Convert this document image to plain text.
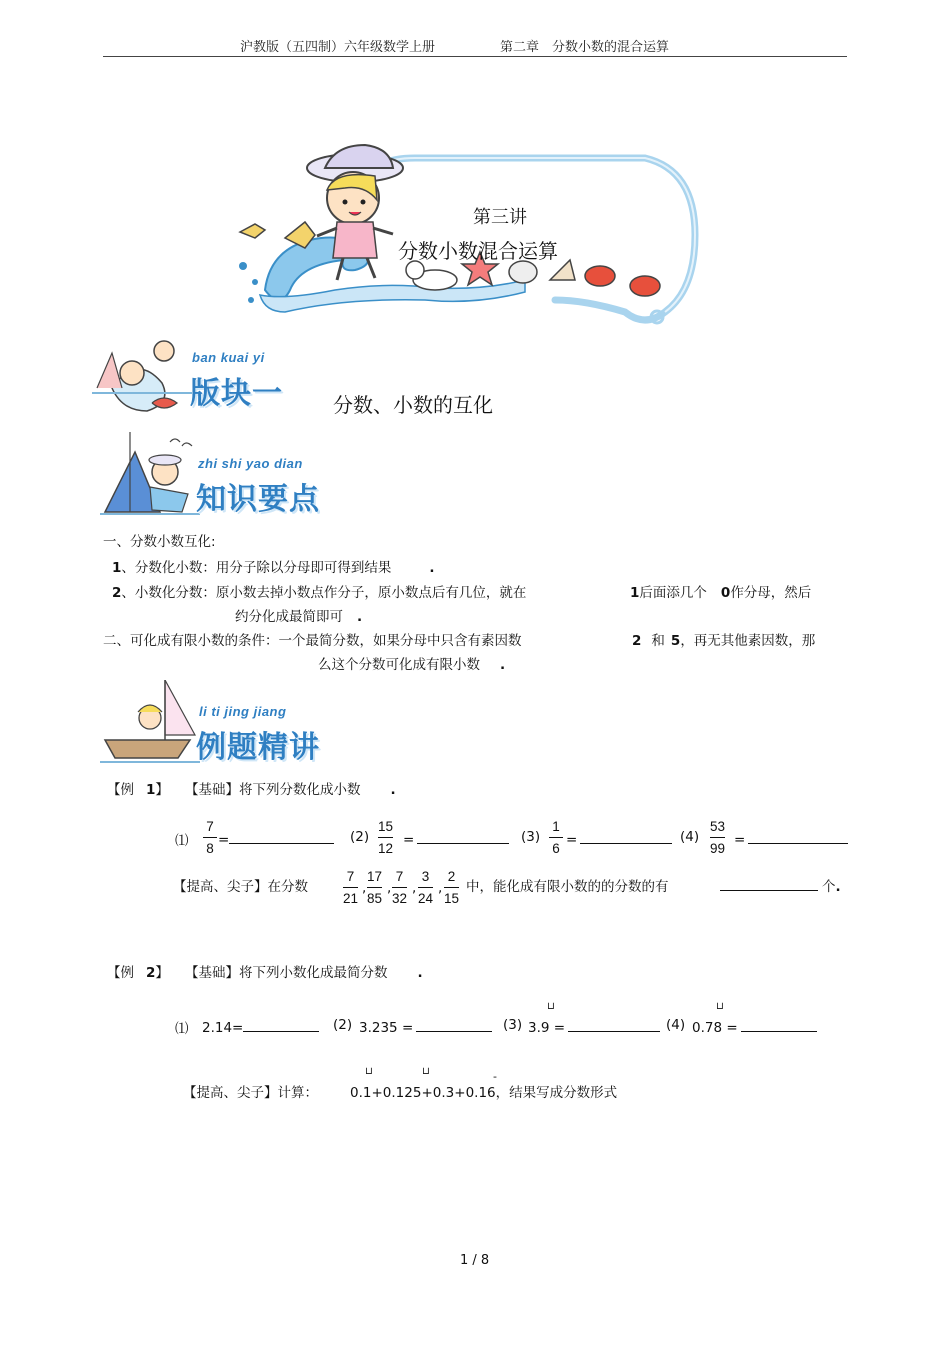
沪教版（五四制）六年级数学上册	第二章　分数小数的混合运算
第三讲
分数小数混合运算
ban kuai yi
版块一	分数、小数的互化
zhi shi yao dian
知识要点
一、分数小数互化:
1、分数化小数：用分子除以分母即可得到结果	.
2、小数化分数：原小数去掉小数点作分子，原小数点后有几位，就在	1后面添几个 0作分母，然后
约分化成最简即可 .
二、可化成有限小数的条件：一个最简分数，如果分母中只含有素因数	2 和 5，再无其他素因数，那
么这个分数可化成有限小数 .
li ti jing jiang
例题精讲
【例 1】 【基础】将下列分数化成小数 .
⑴
7
8
=	(2)
15
12
=	(3)
1
6
=	(4)
53
99
=
【提高、尖子】在分数
7
21
,
17
85
,
7
32
,
3
24
,
2
15
中，能化成有限小数的的分数的有	个.
【例 2】 【基础】将下列小数化成最简分数 .
⑴ 2.14=	(2) 3.235 =	(3)
⊔
3.9 =	(4)
⊔
0.78 =
【提高、尖子】计算：
⊔	⊔	-
0.1+0.125+0.3+0.16，结果写成分数形式
1 / 8
